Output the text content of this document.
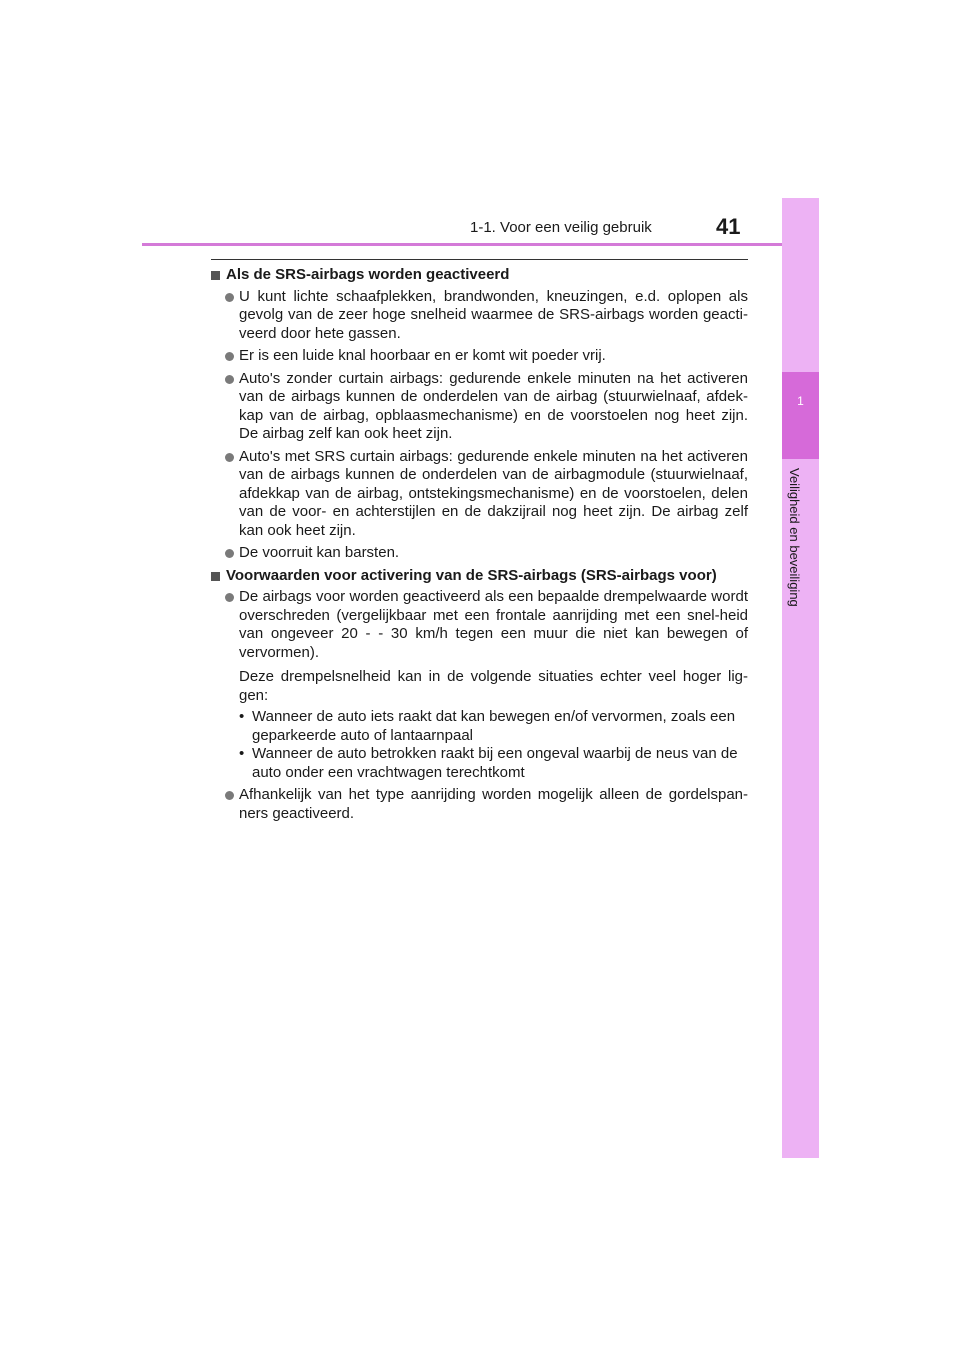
1-1. Voor een veilig gebruik	41
1
Veiligheid en beveiliging
Als de SRS-airbags worden geactiveerd
U kunt lichte schaafplekken, brandwonden, kneuzingen, e.d. oplopen als gevolg van de zeer hoge snelheid waarmee de SRS-airbags worden geacti-veerd door hete gassen.
Er is een luide knal hoorbaar en er komt wit poeder vrij.
Auto's zonder curtain airbags: gedurende enkele minuten na het activeren van de airbags kunnen de onderdelen van de airbag (stuurwielnaaf, afdek-kap van de airbag, opblaasmechanisme) en de voorstoelen nog heet zijn. De airbag zelf kan ook heet zijn.
Auto's met SRS curtain airbags: gedurende enkele minuten na het activeren van de airbags kunnen de onderdelen van de airbagmodule (stuurwielnaaf, afdekkap van de airbag, ontstekingsmechanisme) en de voorstoelen, delen van de voor- en achterstijlen en de dakzijrail nog heet zijn. De airbag zelf kan ook heet zijn.
De voorruit kan barsten.
Voorwaarden voor activering van de SRS-airbags (SRS-airbags voor)
De airbags voor worden geactiveerd als een bepaalde drempelwaarde wordt overschreden (vergelijkbaar met een frontale aanrijding met een snel-heid van ongeveer 20 - - 30 km/h tegen een muur die niet kan bewegen of vervormen).
Deze drempelsnelheid kan in de volgende situaties echter veel hoger lig-gen:
• Wanneer de auto iets raakt dat kan bewegen en/of vervormen, zoals een geparkeerde auto of lantaarnpaal
• Wanneer de auto betrokken raakt bij een ongeval waarbij de neus van de auto onder een vrachtwagen terechtkomt
Afhankelijk van het type aanrijding worden mogelijk alleen de gordelspan-ners geactiveerd.
